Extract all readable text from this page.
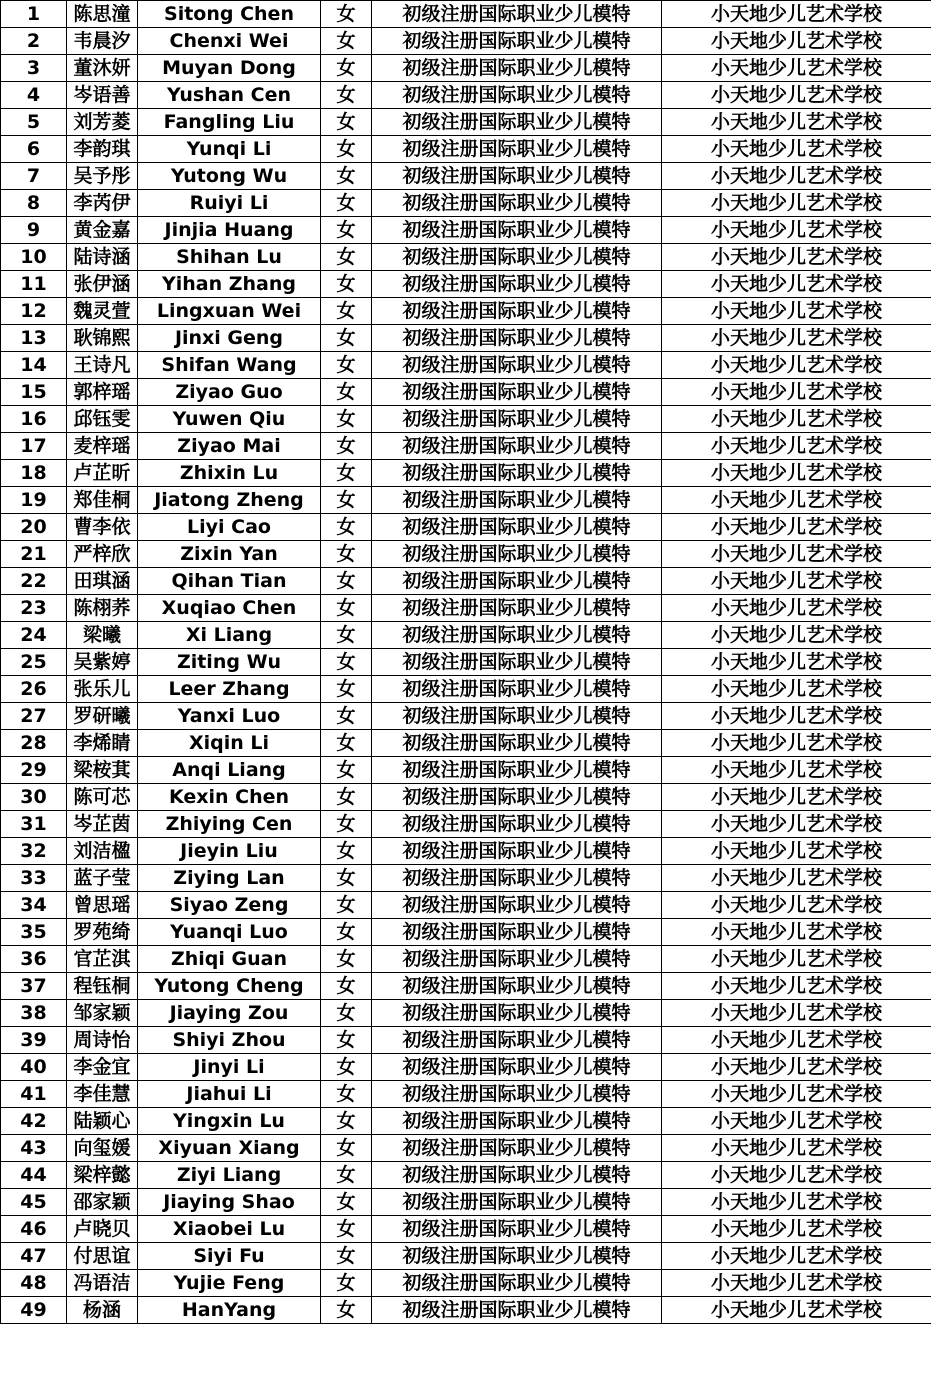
1	陈思潼	Sitong Chen	女	初级注册国际职业少儿模特	小天地少儿艺术学校
2	韦晨汐	Chenxi Wei	女	初级注册国际职业少儿模特	小天地少儿艺术学校
3	董沐妍	Muyan Dong	女	初级注册国际职业少儿模特	小天地少儿艺术学校
4	岑语善	Yushan Cen	女	初级注册国际职业少儿模特	小天地少儿艺术学校
5	刘芳菱	Fangling Liu	女	初级注册国际职业少儿模特	小天地少儿艺术学校
6	李韵琪	Yunqi Li	女	初级注册国际职业少儿模特	小天地少儿艺术学校
7	吴予彤	Yutong Wu	女	初级注册国际职业少儿模特	小天地少儿艺术学校
8	李芮伊	Ruiyi Li	女	初级注册国际职业少儿模特	小天地少儿艺术学校
9	黄金嘉	Jinjia Huang	女	初级注册国际职业少儿模特	小天地少儿艺术学校
10	陆诗涵	Shihan Lu	女	初级注册国际职业少儿模特	小天地少儿艺术学校
11	张伊涵	Yihan Zhang	女	初级注册国际职业少儿模特	小天地少儿艺术学校
12	魏灵萱	Lingxuan Wei	女	初级注册国际职业少儿模特	小天地少儿艺术学校
13	耿锦熙	Jinxi Geng	女	初级注册国际职业少儿模特	小天地少儿艺术学校
14	王诗凡	Shifan Wang	女	初级注册国际职业少儿模特	小天地少儿艺术学校
15	郭梓瑶	Ziyao Guo	女	初级注册国际职业少儿模特	小天地少儿艺术学校
16	邱钰雯	Yuwen Qiu	女	初级注册国际职业少儿模特	小天地少儿艺术学校
17	麦梓瑶	Ziyao Mai	女	初级注册国际职业少儿模特	小天地少儿艺术学校
18	卢芷昕	Zhixin Lu	女	初级注册国际职业少儿模特	小天地少儿艺术学校
19	郑佳桐	Jiatong Zheng	女	初级注册国际职业少儿模特	小天地少儿艺术学校
20	曹李依	Liyi Cao	女	初级注册国际职业少儿模特	小天地少儿艺术学校
21	严梓欣	Zixin Yan	女	初级注册国际职业少儿模特	小天地少儿艺术学校
22	田琪涵	Qihan Tian	女	初级注册国际职业少儿模特	小天地少儿艺术学校
23	陈栩荞	Xuqiao Chen	女	初级注册国际职业少儿模特	小天地少儿艺术学校
24	梁曦	Xi Liang	女	初级注册国际职业少儿模特	小天地少儿艺术学校
25	吴紫婷	Ziting Wu	女	初级注册国际职业少儿模特	小天地少儿艺术学校
26	张乐儿	Leer Zhang	女	初级注册国际职业少儿模特	小天地少儿艺术学校
27	罗研曦	Yanxi Luo	女	初级注册国际职业少儿模特	小天地少儿艺术学校
28	李烯睛	Xiqin Li	女	初级注册国际职业少儿模特	小天地少儿艺术学校
29	梁桉萁	Anqi Liang	女	初级注册国际职业少儿模特	小天地少儿艺术学校
30	陈可芯	Kexin Chen	女	初级注册国际职业少儿模特	小天地少儿艺术学校
31	岑芷茵	Zhiying Cen	女	初级注册国际职业少儿模特	小天地少儿艺术学校
32	刘洁楹	Jieyin Liu	女	初级注册国际职业少儿模特	小天地少儿艺术学校
33	蓝子莹	Ziying Lan	女	初级注册国际职业少儿模特	小天地少儿艺术学校
34	曾思瑶	Siyao Zeng	女	初级注册国际职业少儿模特	小天地少儿艺术学校
35	罗苑绮	Yuanqi Luo	女	初级注册国际职业少儿模特	小天地少儿艺术学校
36	官芷淇	Zhiqi Guan	女	初级注册国际职业少儿模特	小天地少儿艺术学校
37	程钰桐	Yutong Cheng	女	初级注册国际职业少儿模特	小天地少儿艺术学校
38	邹家颖	Jiaying Zou	女	初级注册国际职业少儿模特	小天地少儿艺术学校
39	周诗怡	Shiyi Zhou	女	初级注册国际职业少儿模特	小天地少儿艺术学校
40	李金宜	Jinyi Li	女	初级注册国际职业少儿模特	小天地少儿艺术学校
41	李佳慧	Jiahui Li	女	初级注册国际职业少儿模特	小天地少儿艺术学校
42	陆颖心	Yingxin Lu	女	初级注册国际职业少儿模特	小天地少儿艺术学校
43	向玺媛	Xiyuan Xiang	女	初级注册国际职业少儿模特	小天地少儿艺术学校
44	梁梓懿	Ziyi Liang	女	初级注册国际职业少儿模特	小天地少儿艺术学校
45	邵家颖	Jiaying Shao	女	初级注册国际职业少儿模特	小天地少儿艺术学校
46	卢晓贝	Xiaobei Lu	女	初级注册国际职业少儿模特	小天地少儿艺术学校
47	付思谊	Siyi Fu	女	初级注册国际职业少儿模特	小天地少儿艺术学校
48	冯语洁	Yujie Feng	女	初级注册国际职业少儿模特	小天地少儿艺术学校
49	杨涵	HanYang	女	初级注册国际职业少儿模特	小天地少儿艺术学校
